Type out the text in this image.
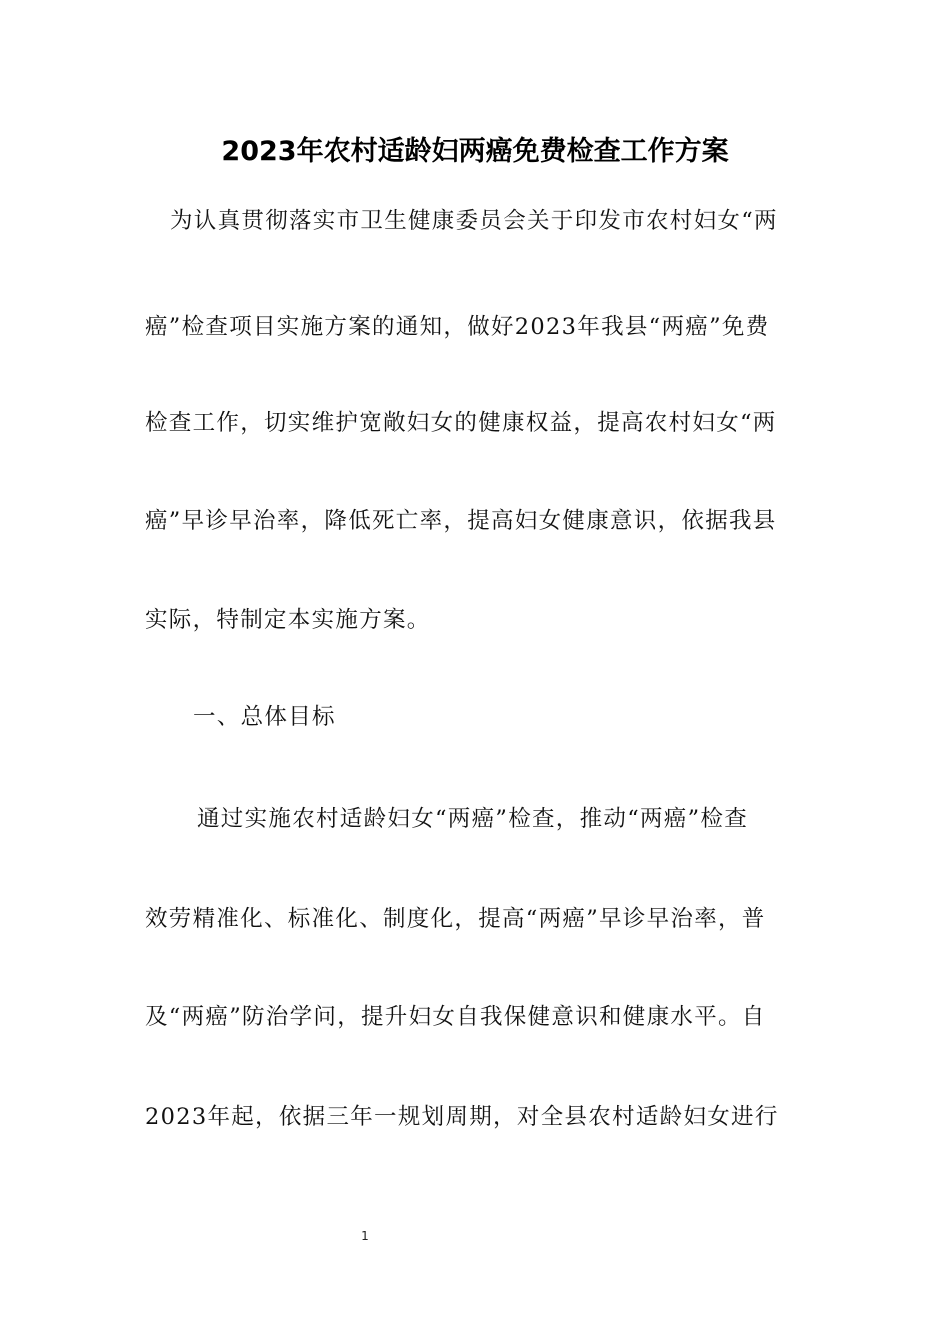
2023年农村适龄妇两癌免费检查工作方案
为认真贯彻落实市卫生健康委员会关于印发市农村妇女“两
癌”检查项目实施方案的通知，做好2023年我县“两癌”免费
检查工作，切实维护宽敞妇女的健康权益，提高农村妇女“两
癌”早诊早治率，降低死亡率，提高妇女健康意识，依据我县
实际，特制定本实施方案。
一、总体目标
通过实施农村适龄妇女“两癌”检查，推动“两癌”检查
效劳精准化、标准化、制度化，提高“两癌”早诊早治率，普
及“两癌”防治学问，提升妇女自我保健意识和健康水平。自
2023年起，依据三年一规划周期，对全县农村适龄妇女进行
1
